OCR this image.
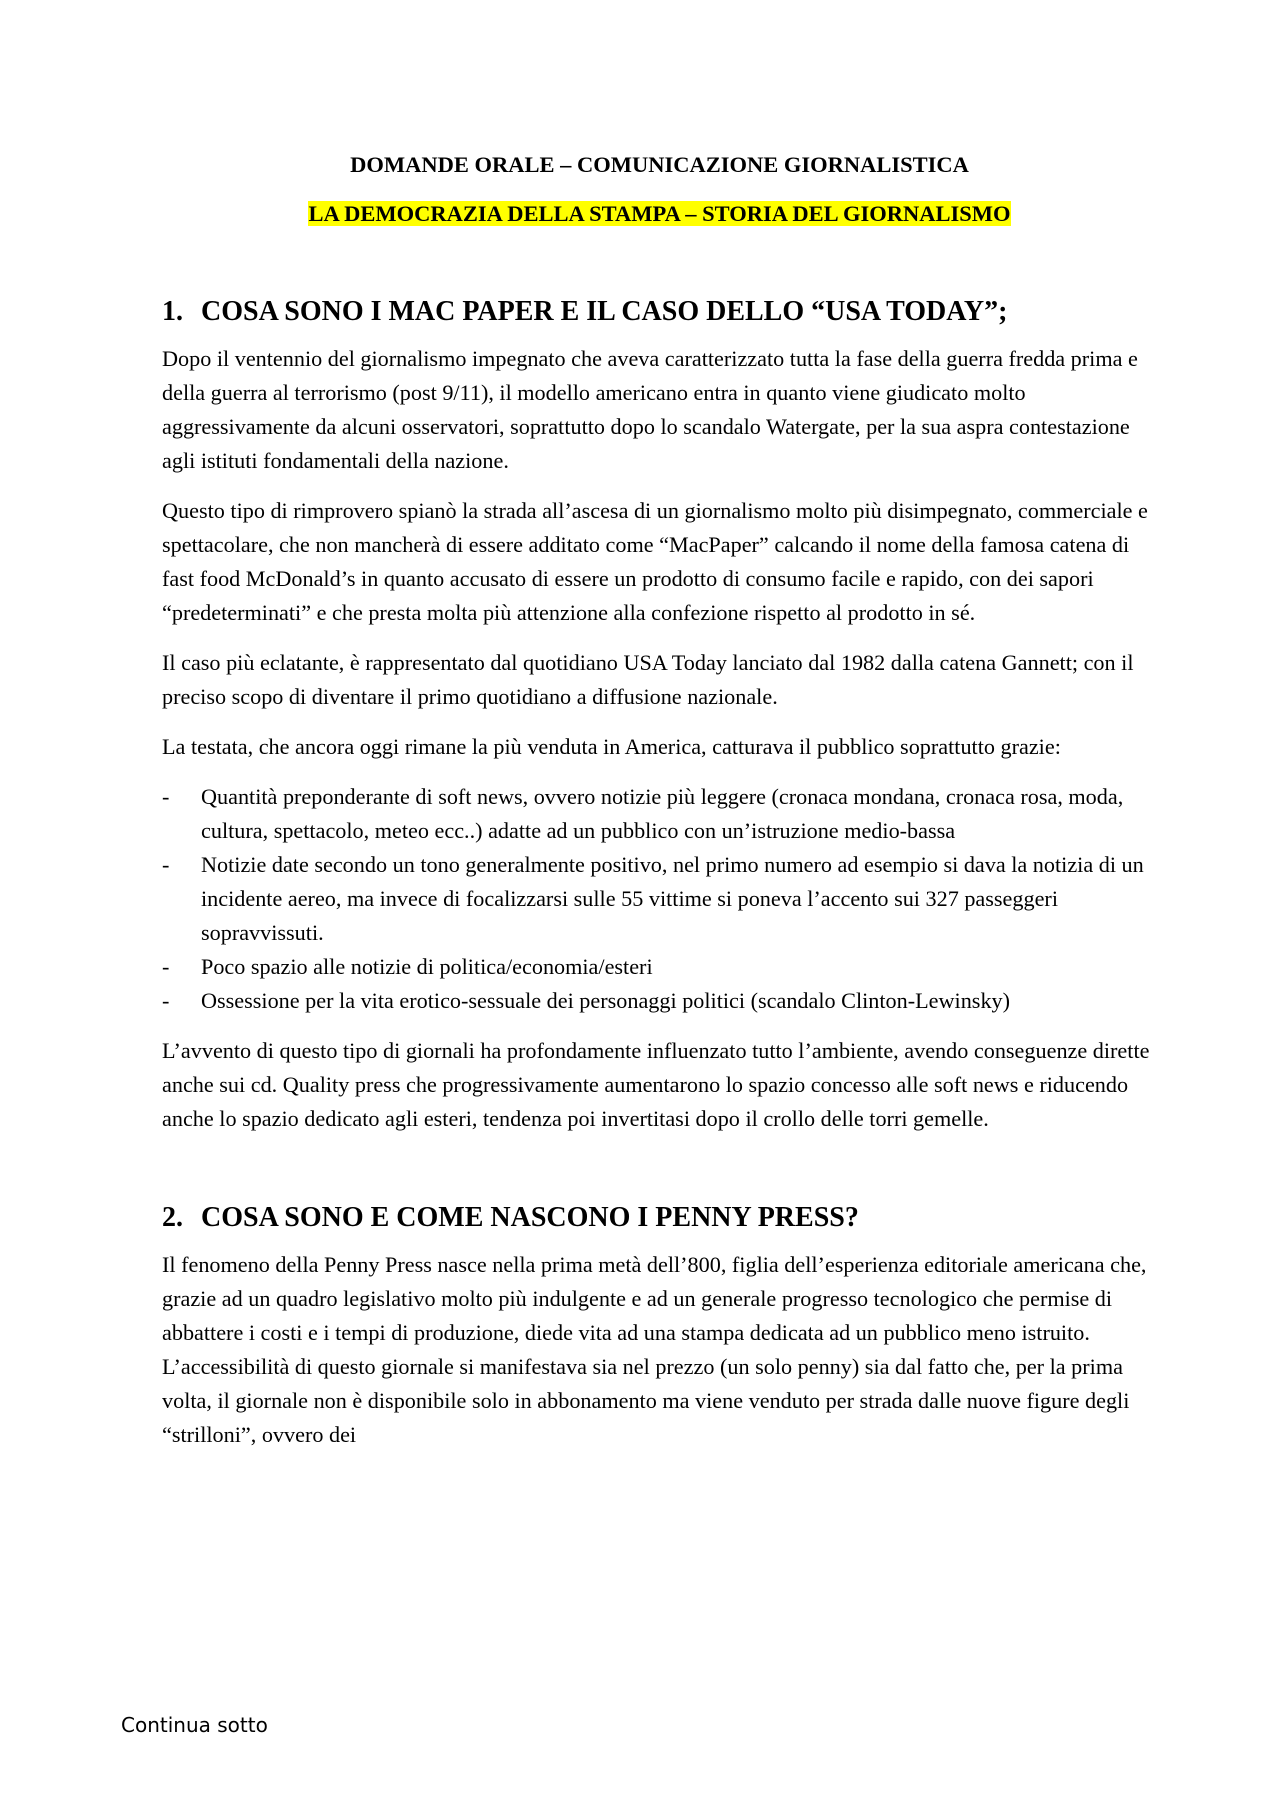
DOMANDE ORALE – COMUNICAZIONE GIORNALISTICA

LA DEMOCRAZIA DELLA STAMPA – STORIA DEL GIORNALISMO
1. COSA SONO I MAC PAPER E IL CASO DELLO “USA TODAY”;

Dopo il ventennio del giornalismo impegnato che aveva caratterizzato tutta la fase della guerra fredda prima e della guerra al terrorismo (post 9/11), il modello americano entra in quanto viene giudicato molto aggressivamente da alcuni osservatori, soprattutto dopo lo scandalo Watergate, per la sua aspra contestazione agli istituti fondamentali della nazione.

Questo tipo di rimprovero spianò la strada all’ascesa di un giornalismo molto più disimpegnato, commerciale e spettacolare, che non mancherà di essere additato come “MacPaper” calcando il nome della famosa catena di fast food McDonald’s in quanto accusato di essere un prodotto di consumo facile e rapido, con dei sapori “predeterminati” e che presta molta più attenzione alla confezione rispetto al prodotto in sé.

Il caso più eclatante, è rappresentato dal quotidiano USA Today lanciato dal 1982 dalla catena Gannett; con il preciso scopo di diventare il primo quotidiano a diffusione nazionale.

La testata, che ancora oggi rimane la più venduta in America, catturava il pubblico soprattutto grazie:

-	Quantità preponderante di soft news, ovvero notizie più leggere (cronaca mondana, cronaca rosa, moda, cultura, spettacolo, meteo ecc..) adatte ad un pubblico con un’istruzione medio-bassa
-	Notizie date secondo un tono generalmente positivo, nel primo numero ad esempio si dava la notizia di un incidente aereo, ma invece di focalizzarsi sulle 55 vittime si poneva l’accento sui 327 passeggeri sopravvissuti.
-	Poco spazio alle notizie di politica/economia/esteri
-	Ossessione per la vita erotico-sessuale dei personaggi politici (scandalo Clinton-Lewinsky)

L’avvento di questo tipo di giornali ha profondamente influenzato tutto l’ambiente, avendo conseguenze dirette anche sui cd. Quality press che progressivamente aumentarono lo spazio concesso alle soft news e riducendo anche lo spazio dedicato agli esteri, tendenza poi invertitasi dopo il crollo delle torri gemelle.

2. COSA SONO E COME NASCONO I PENNY PRESS?

Il fenomeno della Penny Press nasce nella prima metà dell’800, figlia dell’esperienza editoriale americana che, grazie ad un quadro legislativo molto più indulgente e ad un generale progresso tecnologico che permise di abbattere i costi e i tempi di produzione, diede vita ad una stampa dedicata ad un pubblico meno istruito. L’accessibilità di questo giornale si manifestava sia nel prezzo (un solo penny) sia dal fatto che, per la prima volta, il giornale non è disponibile solo in abbonamento ma viene venduto per strada dalle nuove figure degli “strilloni”, ovvero dei

Continua sotto
